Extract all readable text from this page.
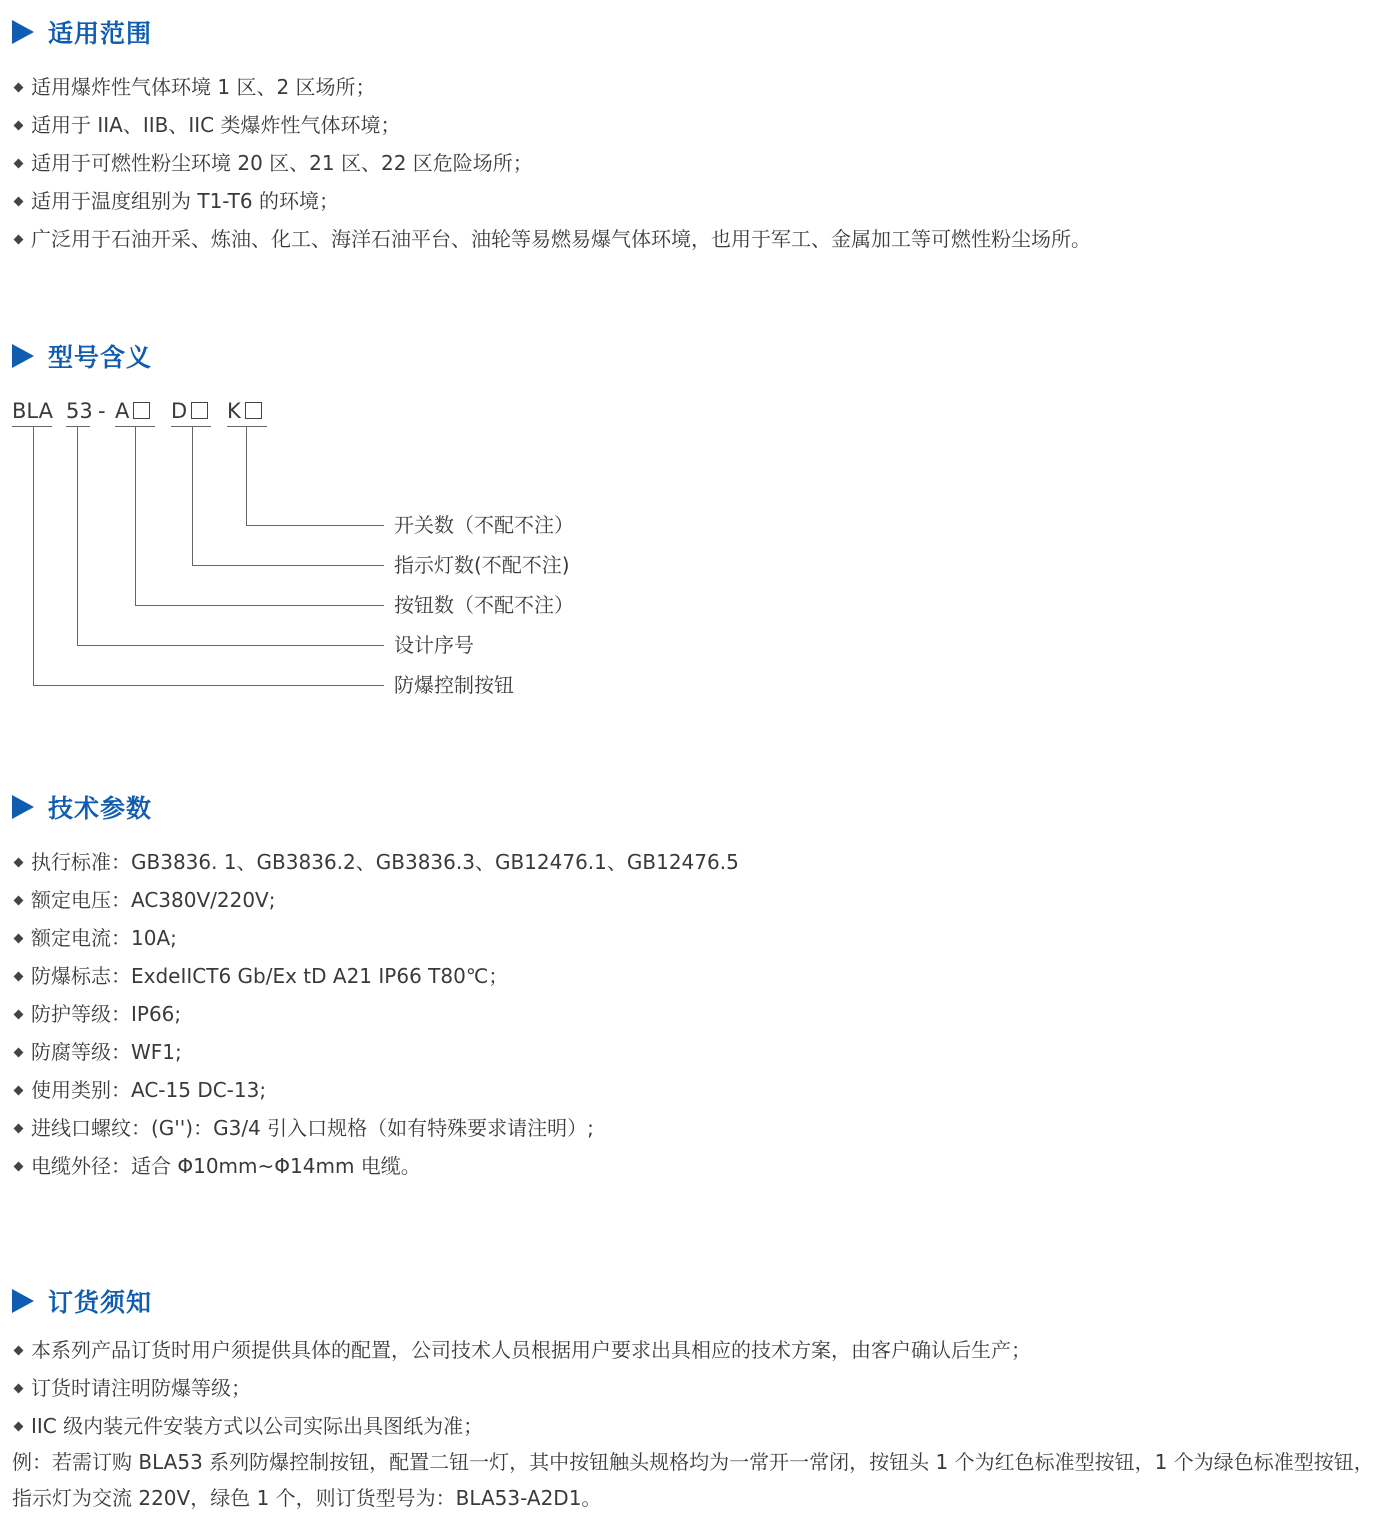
适用范围
适用爆炸性气体环境 1 区、2 区场所；
适用于 IIA、IIB、IIC 类爆炸性气体环境；
适用于可燃性粉尘环境 20 区、21 区、22 区危险场所；
适用于温度组别为 T1-T6 的环境；
广泛用于石油开采、炼油、化工、海洋石油平台、油轮等易燃易爆气体环境，也用于军工、金属加工等可燃性粉尘场所。
型号含义
BLA 53 - A	D	K
开关数（不配不注）
指示灯数(不配不注)
按钮数（不配不注）
设计序号
防爆控制按钮
技术参数
执行标准：GB3836. 1、GB3836.2、GB3836.3、GB12476.1、GB12476.5
额定电压：AC380V/220V;
额定电流：10A;
防爆标志：ExdeIICT6 Gb/Ex tD A21 IP66 T80℃；
防护等级：IP66;
防腐等级：WF1;
使用类别：AC-15 DC-13;
进线口螺纹：(G'')：G3/4 引入口规格（如有特殊要求请注明）;
电缆外径：适合 Φ10mm~Φ14mm 电缆。
订货须知
本系列产品订货时用户须提供具体的配置，公司技术人员根据用户要求出具相应的技术方案，由客户确认后生产；
订货时请注明防爆等级；
IIC 级内装元件安装方式以公司实际出具图纸为准；
例：若需订购 BLA53 系列防爆控制按钮，配置二钮一灯，其中按钮触头规格均为一常开一常闭，按钮头 1 个为红色标准型按钮，1 个为绿色标准型按钮，指示灯为交流 220V，绿色 1 个，则订货型号为：BLA53-A2D1。
